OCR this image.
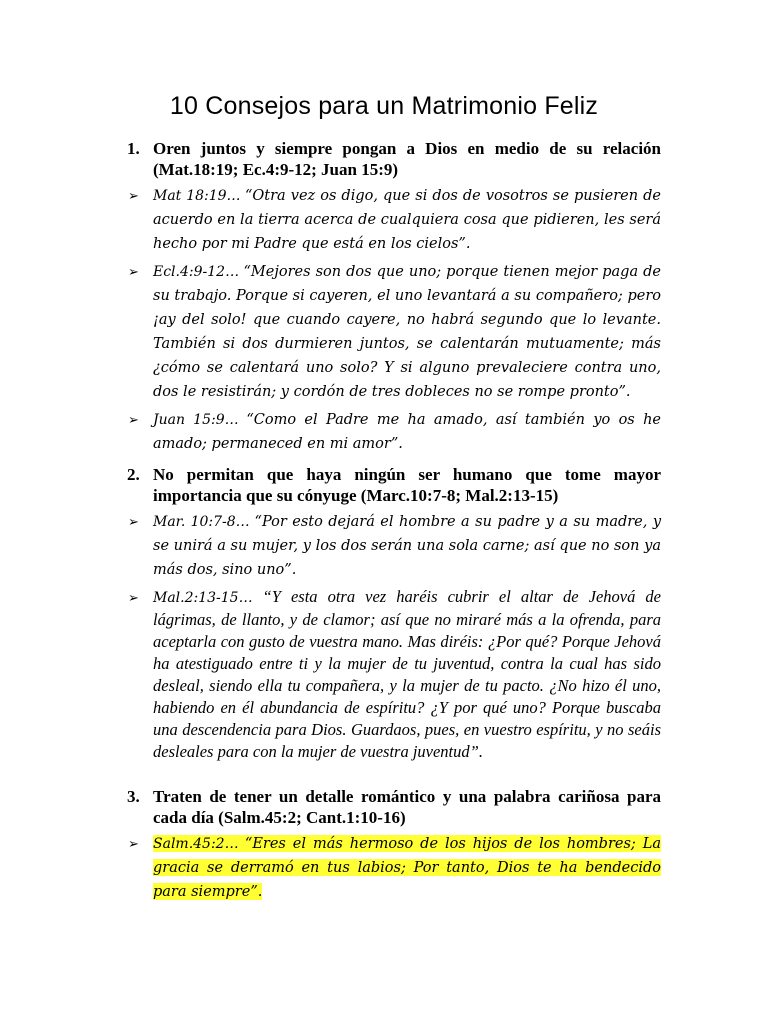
10 Consejos para un Matrimonio Feliz
1. Oren juntos y siempre pongan a Dios en medio de su relación (Mat.18:19; Ec.4:9-12; Juan 15:9)
➢	Mat 18:19… “Otra vez os digo, que si dos de vosotros se pusieren de acuerdo en la tierra acerca de cualquiera cosa que pidieren, les será hecho por mi Padre que está en los cielos”.
➢	Ecl.4:9-12… “Mejores son dos que uno; porque tienen mejor paga de su trabajo. Porque si cayeren, el uno levantará a su compañero; pero ¡ay del solo! que cuando cayere, no habrá segundo que lo levante. También si dos durmieren juntos, se calentarán mutuamente; más ¿cómo se calentará uno solo? Y si alguno prevaleciere contra uno, dos le resistirán; y cordón de tres dobleces no se rompe pronto”.
➢	Juan 15:9… “Como el Padre me ha amado, así también yo os he amado; permaneced en mi amor”.
2. No permitan que haya ningún ser humano que tome mayor importancia que su cónyuge (Marc.10:7-8; Mal.2:13-15)
➢	Mar. 10:7-8… “Por esto dejará el hombre a su padre y a su madre, y se unirá a su mujer, y los dos serán una sola carne; así que no son ya más dos, sino uno”.
➢	Mal.2:13-15… “Y esta otra vez haréis cubrir el altar de Jehová de lágrimas, de llanto, y de clamor; así que no miraré más a la ofrenda, para aceptarla con gusto de vuestra mano. Mas diréis: ¿Por qué? Porque Jehová ha atestiguado entre ti y la mujer de tu juventud, contra la cual has sido desleal, siendo ella tu compañera, y la mujer de tu pacto. ¿No hizo él uno, habiendo en él abundancia de espíritu? ¿Y por qué uno? Porque buscaba una descendencia para Dios. Guardaos, pues, en vuestro espíritu, y no seáis desleales para con la mujer de vuestra juventud”.
3. Traten de tener un detalle romántico y una palabra cariñosa para cada día (Salm.45:2; Cant.1:10-16)
➢	Salm.45:2… “Eres el más hermoso de los hijos de los hombres; La gracia se derramó en tus labios; Por tanto, Dios te ha bendecido para siempre”.
